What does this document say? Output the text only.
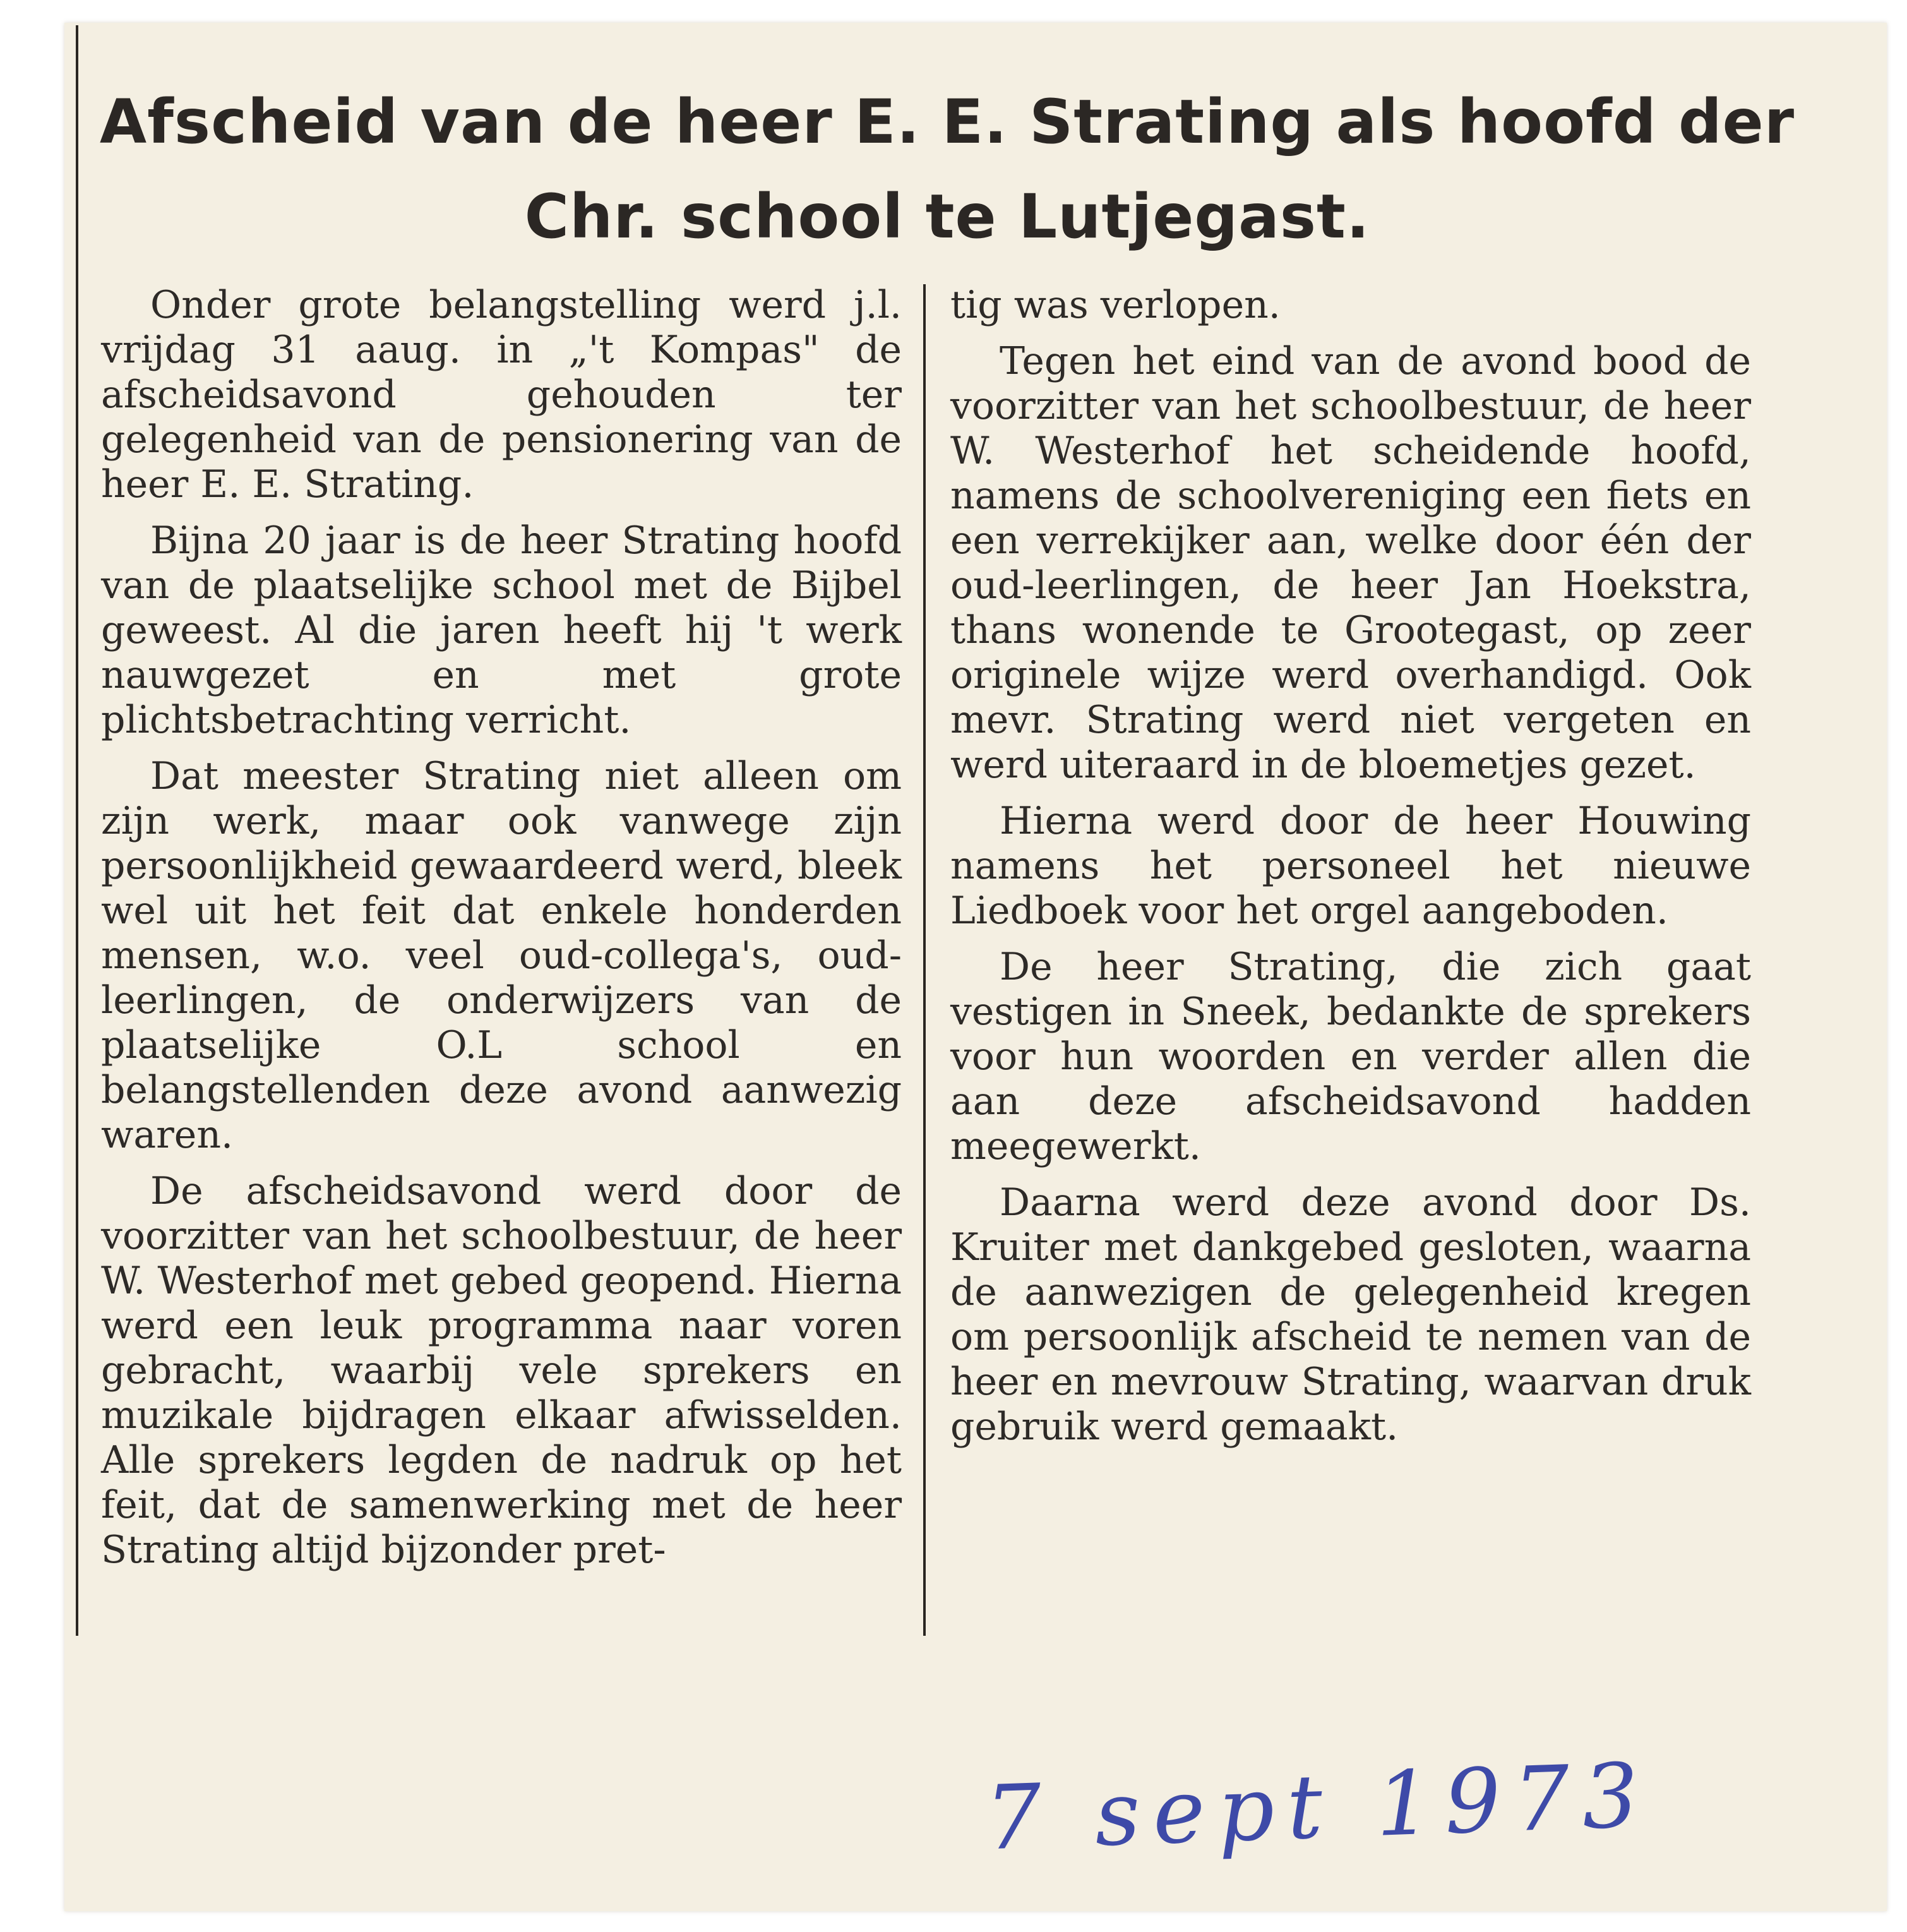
Afscheid van de heer E. E. Strating als hoofd der Chr. school te Lutjegast.

Onder grote belangstelling werd j.l. vrijdag 31 aaug. in „'t Kompas" de afscheidsavond gehouden ter gelegenheid van de pensionering van de heer E. E. Strating.

Bijna 20 jaar is de heer Strating hoofd van de plaatselijke school met de Bijbel geweest. Al die jaren heeft hij 't werk nauwgezet en met grote plichtsbetrachting verricht.

Dat meester Strating niet alleen om zijn werk, maar ook vanwege zijn persoonlijkheid gewaardeerd werd, bleek wel uit het feit dat enkele honderden mensen, w.o. veel oud-collega's, oud-leerlingen, de onderwijzers van de plaatselijke O.L school en belangstellenden deze avond aanwezig waren.

De afscheidsavond werd door de voorzitter van het schoolbestuur, de heer W. Westerhof met gebed geopend. Hierna werd een leuk programma naar voren gebracht, waarbij vele sprekers en muzikale bijdragen elkaar afwisselden. Alle sprekers legden de nadruk op het feit, dat de samenwerking met de heer Strating altijd bijzonder pret-

tig was verlopen.

Tegen het eind van de avond bood de voorzitter van het schoolbestuur, de heer W. Westerhof het scheidende hoofd, namens de schoolvereniging een fiets en een verrekijker aan, welke door één der oud-leerlingen, de heer Jan Hoekstra, thans wonende te Grootegast, op zeer originele wijze werd overhandigd. Ook mevr. Strating werd niet vergeten en werd uiteraard in de bloemetjes gezet.

Hierna werd door de heer Houwing namens het personeel het nieuwe Liedboek voor het orgel aangeboden.

De heer Strating, die zich gaat vestigen in Sneek, bedankte de sprekers voor hun woorden en verder allen die aan deze afscheidsavond hadden meegewerkt.

Daarna werd deze avond door Ds. Kruiter met dankgebed gesloten, waarna de aanwezigen de gelegenheid kregen om persoonlijk afscheid te nemen van de heer en mevrouw Strating, waarvan druk gebruik werd gemaakt.

7 sept 1973
